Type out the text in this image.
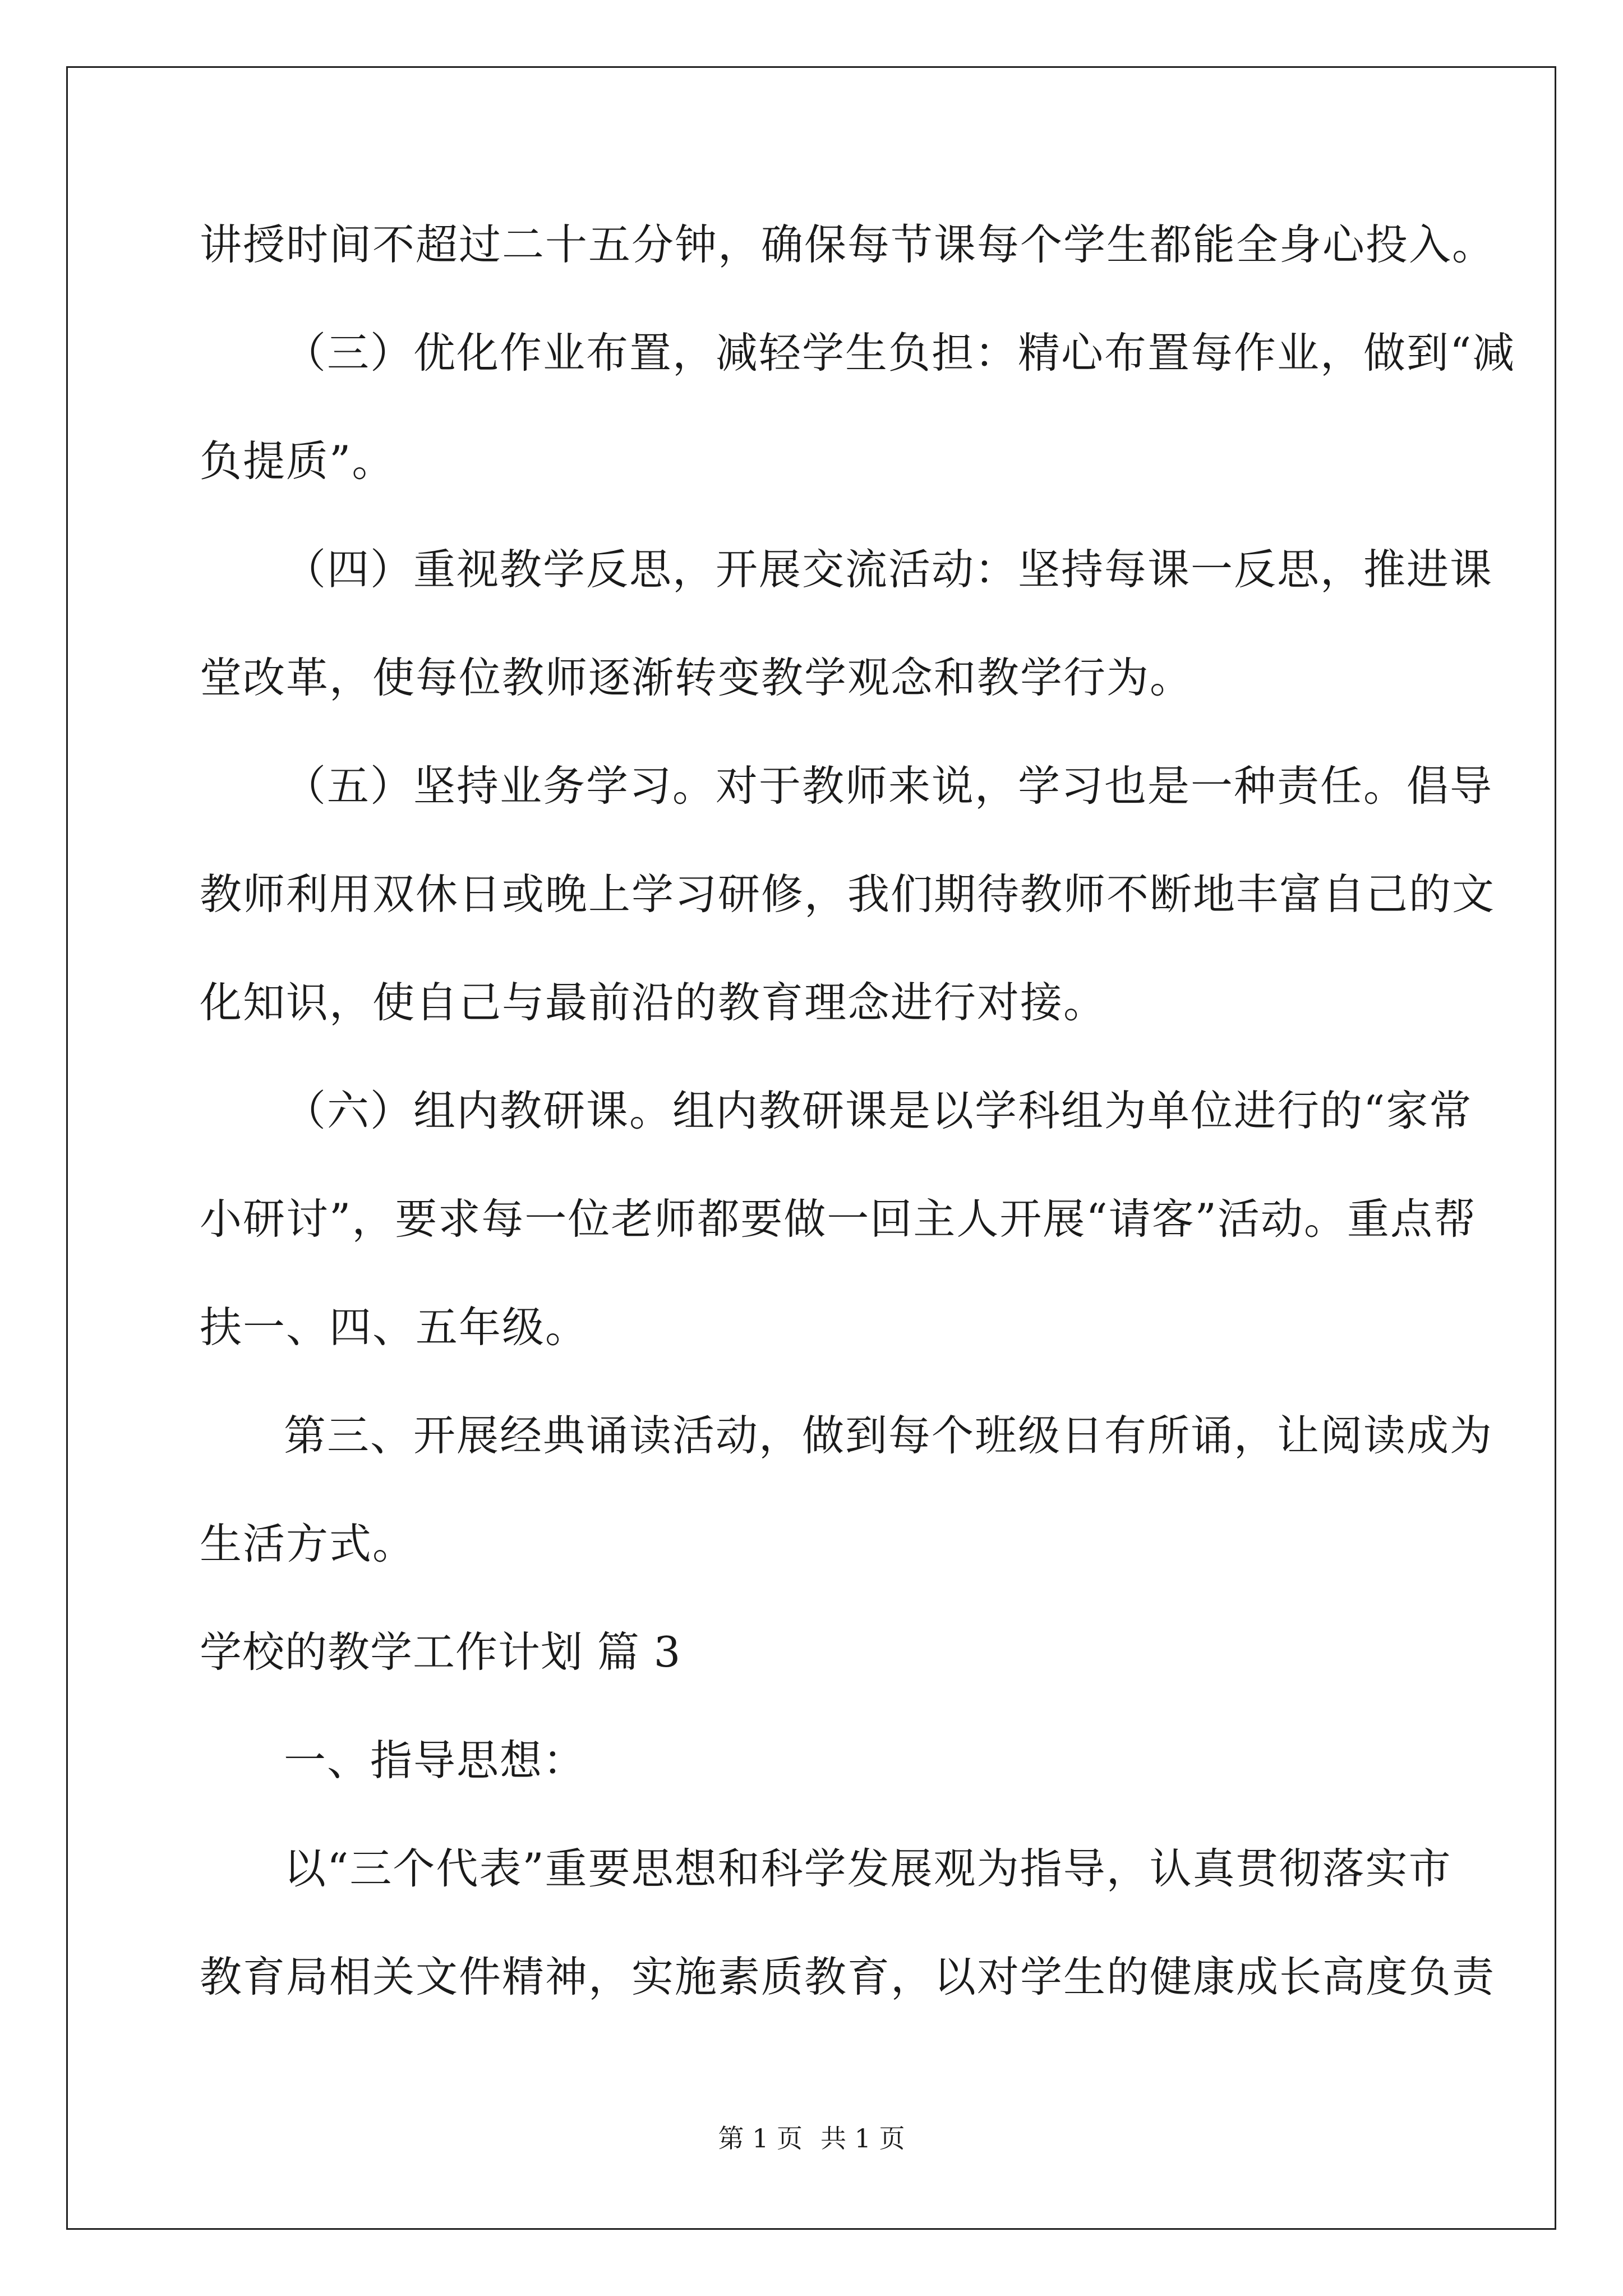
讲授时间不超过二十五分钟，确保每节课每个学生都能全身心投入。
（三）优化作业布置，减轻学生负担：精心布置每作业，做到“减
负提质”。
（四）重视教学反思，开展交流活动：坚持每课一反思，推进课
堂改革，使每位教师逐渐转变教学观念和教学行为。
（五）坚持业务学习。对于教师来说，学习也是一种责任。倡导
教师利用双休日或晚上学习研修，我们期待教师不断地丰富自己的文
化知识，使自己与最前沿的教育理念进行对接。
（六）组内教研课。组内教研课是以学科组为单位进行的“家常
小研讨”，要求每一位老师都要做一回主人开展“请客”活动。重点帮
扶一、四、五年级。
第三、开展经典诵读活动，做到每个班级日有所诵，让阅读成为
生活方式。
学校的教学工作计划 篇 3
一、指导思想：
以“三个代表”重要思想和科学发展观为指导，认真贯彻落实市
教育局相关文件精神，实施素质教育，以对学生的健康成长高度负责
第 1 页 共 1 页
